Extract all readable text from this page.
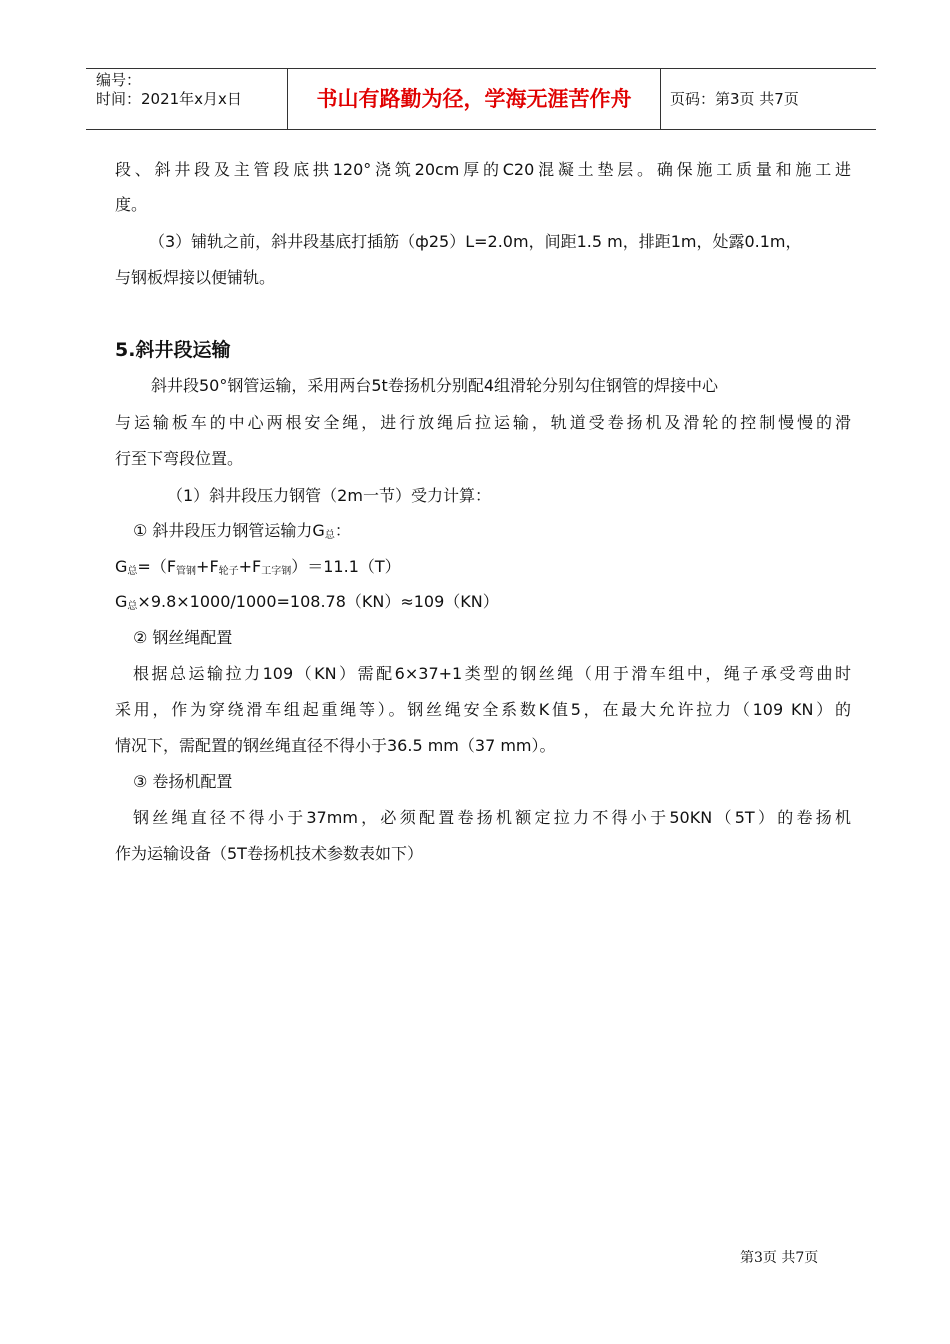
编号：
时间：2021年x月x日	书山有路勤为径，学海无涯苦作舟	页码：第3页 共7页
段、斜井段及主管段底拱120°浇筑20cm厚的C20混凝土垫层。确保施工质量和施工进
度。
（3）铺轨之前，斜井段基底打插筋（ф25）L=2.0m，间距1.5 m，排距1m，处露0.1m，
与钢板焊接以便铺轨。
5.斜井段运输
斜井段50°钢管运输，采用两台5t卷扬机分别配4组滑轮分别勾住钢管的焊接中心
与运输板车的中心两根安全绳，进行放绳后拉运输，轨道受卷扬机及滑轮的控制慢慢的滑
行至下弯段位置。
（1）斜井段压力钢管（2m一节）受力计算：
① 斜井段压力钢管运输力$G_总$：
$G_总=(F_{管钢}+F_{轮子}+F_{工字钢})=11.1(T)$
$G_总\times 9.8\times 1000/1000=108.78(KN)\approx 109(KN)$
② 钢丝绳配置
根据总运输拉力109（KN）需配6×37+1类型的钢丝绳（用于滑车组中，绳子承受弯曲时
采用，作为穿绕滑车组起重绳等）。钢丝绳安全系数K值5，在最大允许拉力（109 KN）的
情况下，需配置的钢丝绳直径不得小于36.5 mm（37 mm）。
③ 卷扬机配置
钢丝绳直径不得小于37mm，必须配置卷扬机额定拉力不得小于50KN（5T）的卷扬机
作为运输设备（5T卷扬机技术参数表如下）
第3页 共7页
